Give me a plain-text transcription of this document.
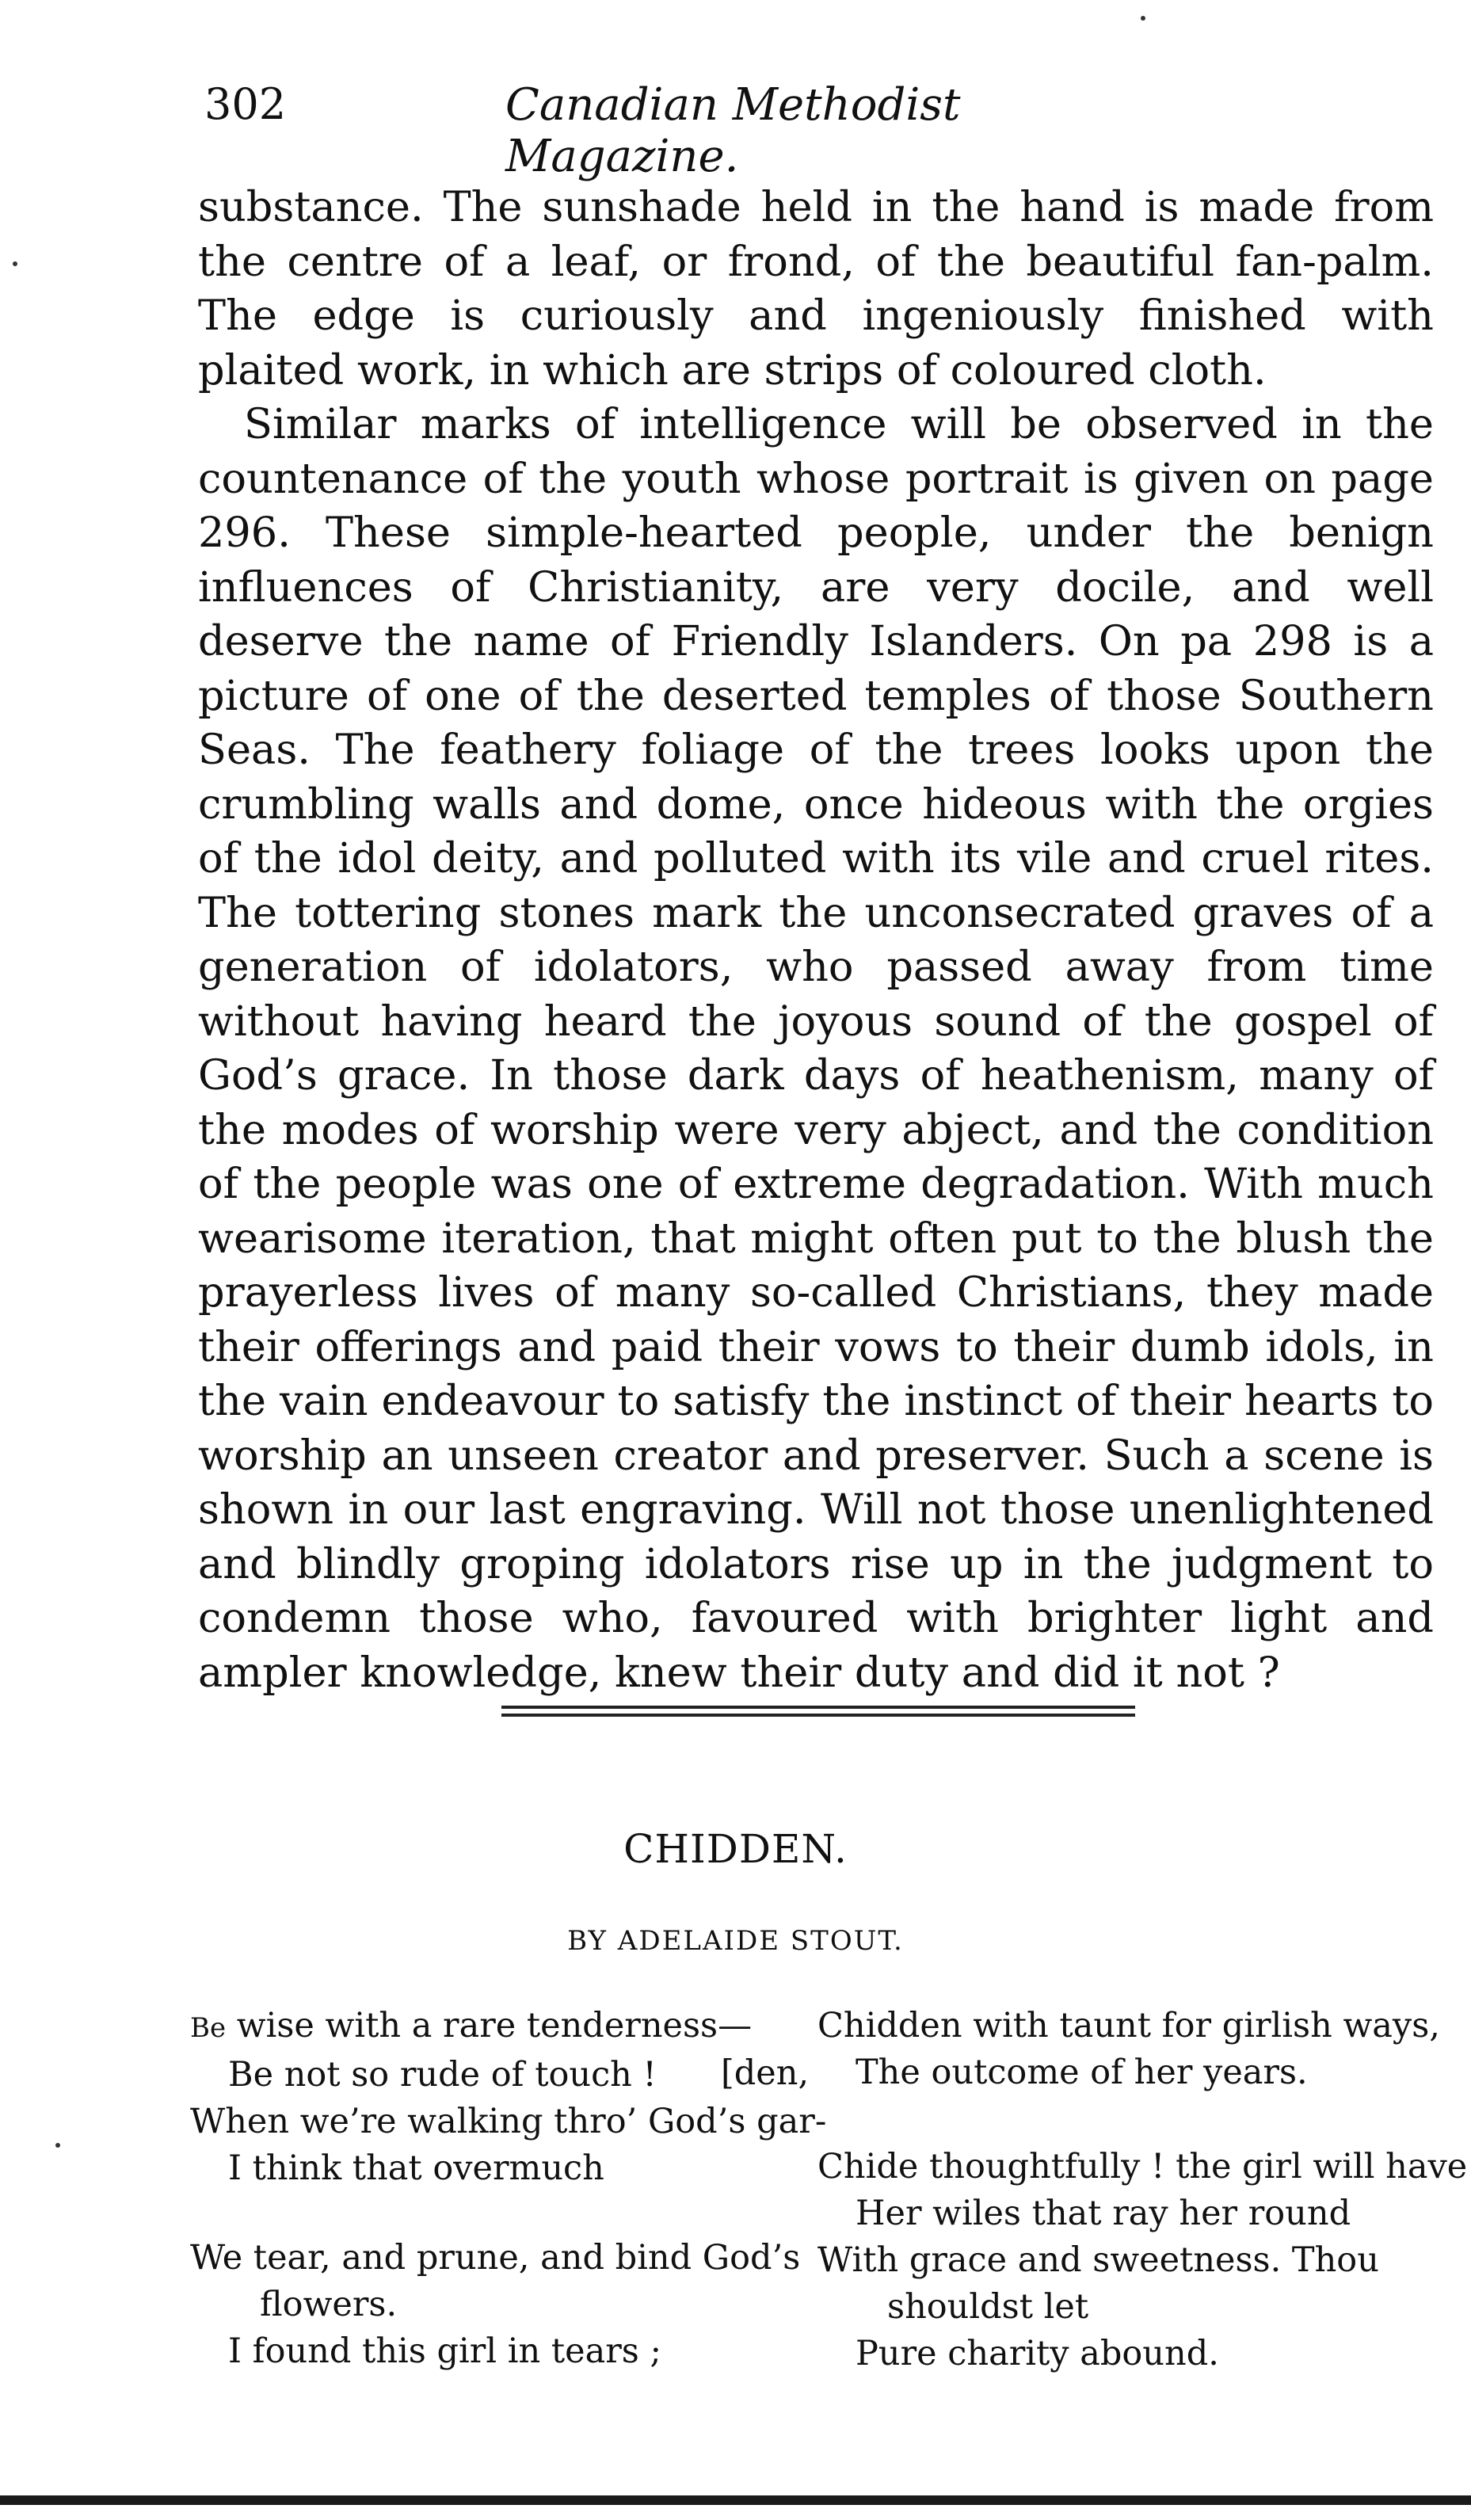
302	Canadian Methodist Magazine.

substance. The sunshade held in the hand is made from the centre of a leaf, or frond, of the beautiful fan-palm. The edge is curiously and ingeniously finished with plaited work, in which are strips of coloured cloth.

Similar marks of intelligence will be observed in the countenance of the youth whose portrait is given on page 296. These simple-hearted people, under the benign influences of Christianity, are very docile, and well deserve the name of Friendly Islanders. On pa 298 is a picture of one of the deserted temples of those Southern Seas. The feathery foliage of the trees looks upon the crumbling walls and dome, once hideous with the orgies of the idol deity, and polluted with its vile and cruel rites. The tottering stones mark the unconsecrated graves of a generation of idolators, who passed away from time without having heard the joyous sound of the gospel of God’s grace. In those dark days of heathenism, many of the modes of worship were very abject, and the condition of the people was one of extreme degradation. With much wearisome iteration, that might often put to the blush the prayerless lives of many so-called Christians, they made their offerings and paid their vows to their dumb idols, in the vain endeavour to satisfy the instinct of their hearts to worship an unseen creator and preserver. Such a scene is shown in our last engraving. Will not those unenlightened and blindly groping idolators rise up in the judgment to condemn those who, favoured with brighter light and ampler knowledge, knew their duty and did it not ?

CHIDDEN.
BY ADELAIDE STOUT.
Be wise with a rare tenderness—
Be not so rude of touch !
When we’re walking thro’ God’s gar-
I think that overmuch
[den,
We tear, and prune, and bind God’s
flowers.
I found this girl in tears ;
Chidden with taunt for girlish ways,
The outcome of her years.
Chide thoughtfully ! the girl will have
Her wiles that ray her round
With grace and sweetness. Thou
shouldst let
Pure charity abound.
